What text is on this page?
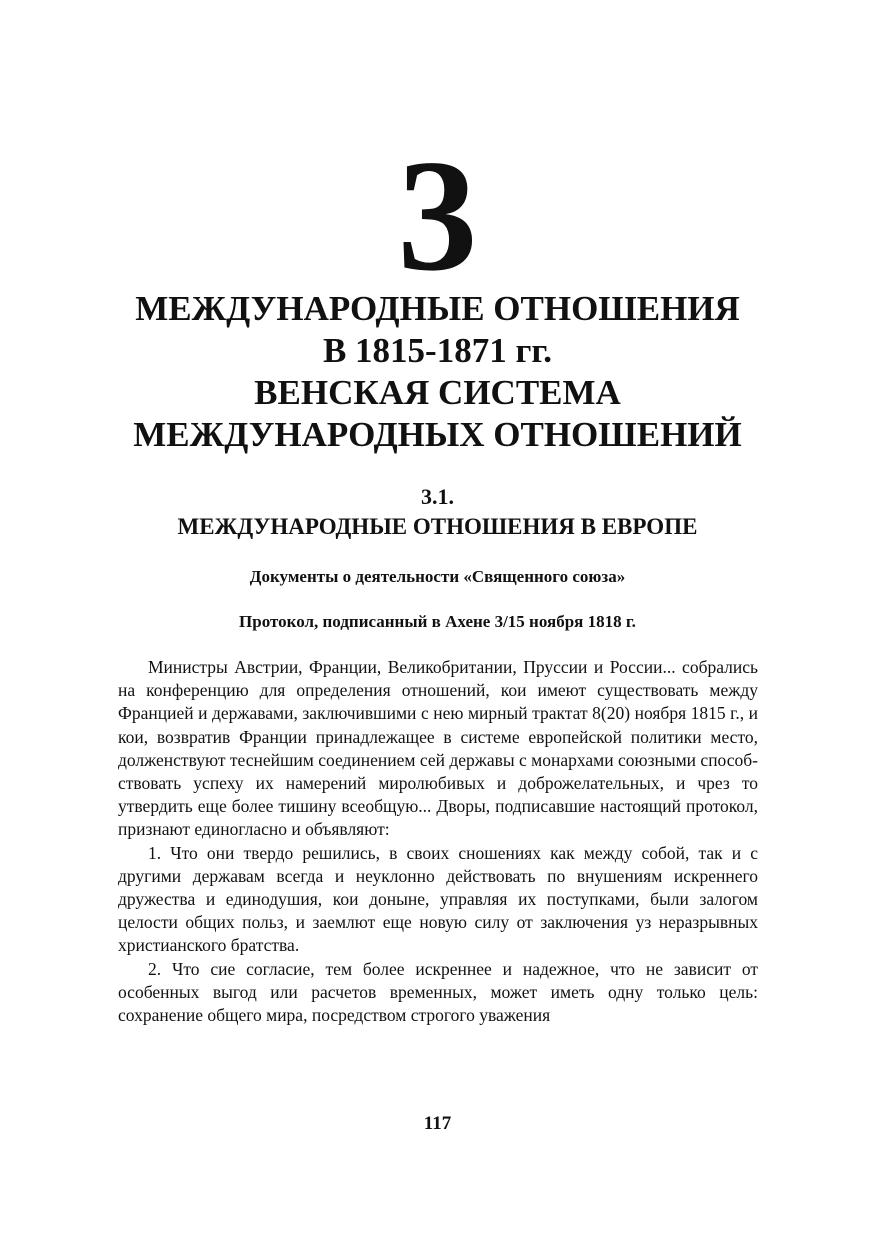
3
МЕЖДУНАРОДНЫЕ ОТНОШЕНИЯ
В 1815-1871 гг.
ВЕНСКАЯ СИСТЕМА
МЕЖДУНАРОДНЫХ ОТНОШЕНИЙ
3.1.
МЕЖДУНАРОДНЫЕ ОТНОШЕНИЯ В ЕВРОПЕ
Документы о деятельности «Священного союза»
Протокол, подписанный в Ахене 3/15 ноября 1818 г.

Министры Австрии, Франции, Великобритании, Пруссии и России... собрались на конференцию для определения отношений, кои имеют существовать между Францией и державами, заключившими с нею мирный трактат 8(20) ноября 1815 г., и кои, возвратив Франции принадлежащее в системе европейской политики место, долженствуют теснейшим соединением сей державы с монархами союзными способствовать успеху их намерений миролюбивых и доброжелательных, и чрез то утвердить еще более тишину всеобщую... Дворы, подписавшие настоящий протокол, признают единогласно и объявляют:

1. Что они твердо решились, в своих сношениях как между собой, так и с другими державам всегда и неуклонно действовать по внушениям искреннего дружества и единодушия, кои доныне, управляя их поступками, были залогом целости общих польз, и заемлют еще новую силу от заключения уз неразрывных христианского братства.

2. Что сие согласие, тем более искреннее и надежное, что не зависит от особенных выгод или расчетов временных, может иметь одну только цель: сохранение общего мира, посредством строгого уважения

117
